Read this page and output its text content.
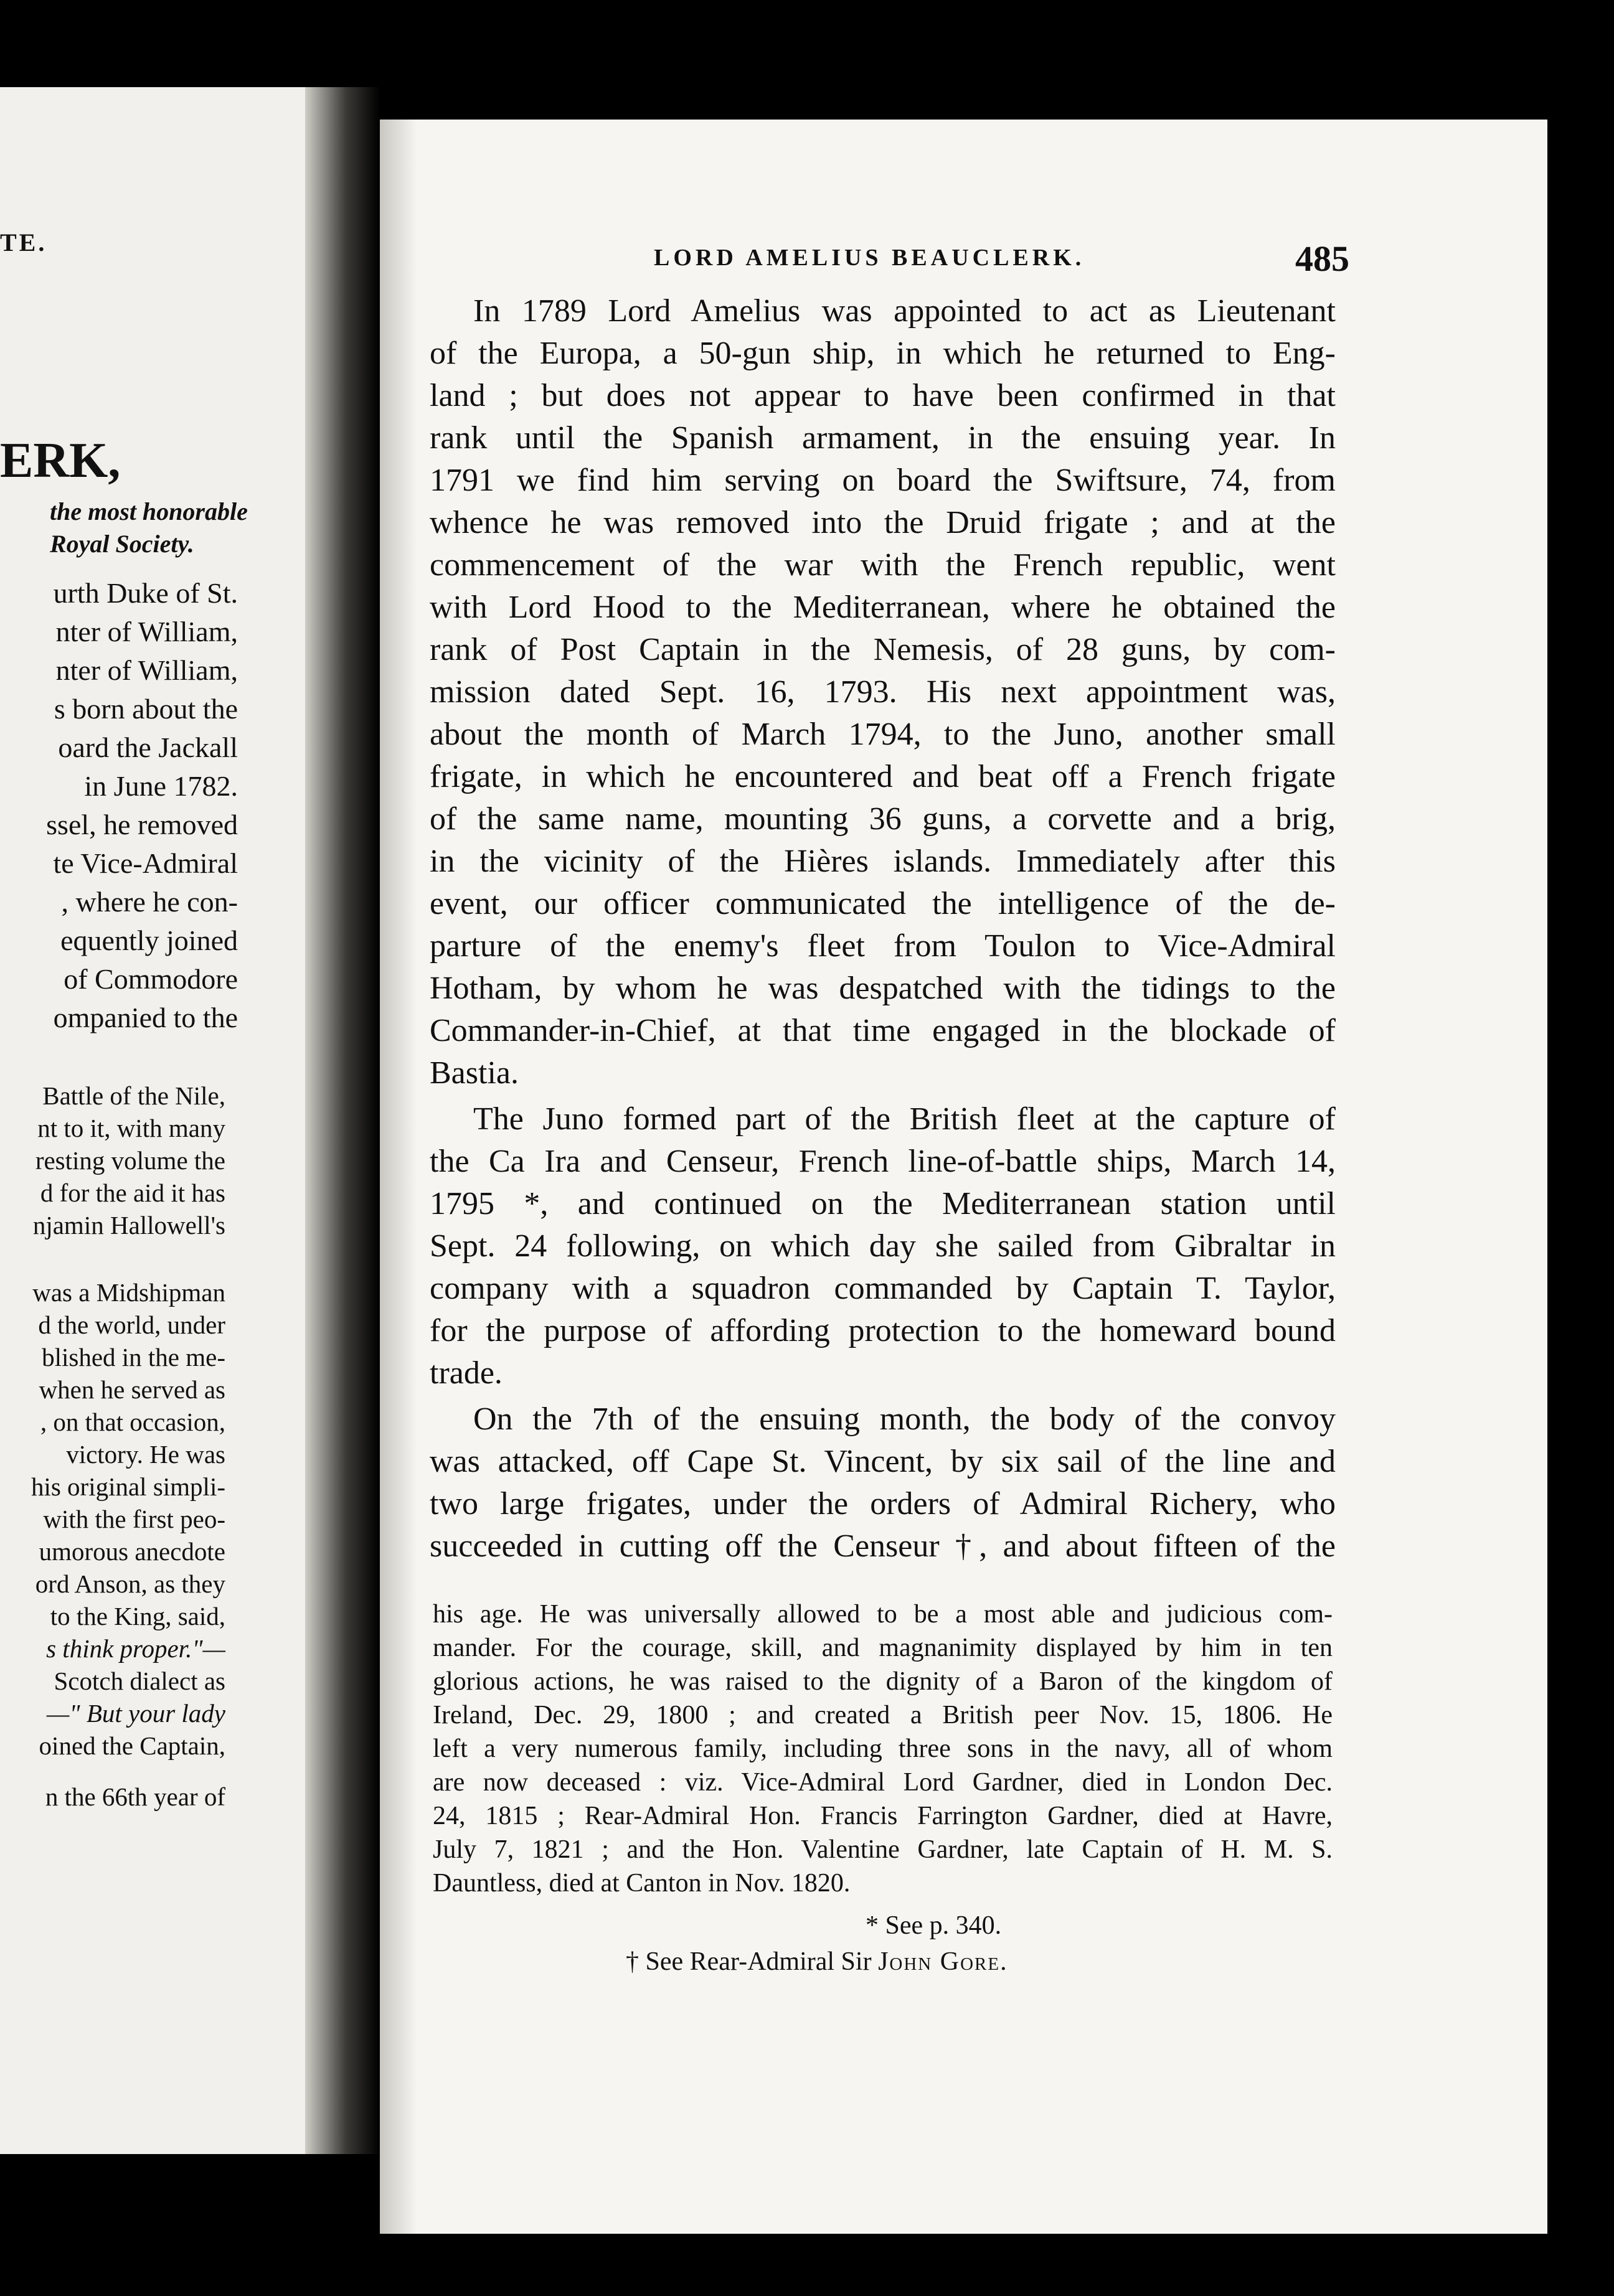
TE.
ERK,
the most honorable
Royal Society.
urth Duke of St.
nter of William,
nter of William,
s born about the
oard the Jackall
in June 1782.
ssel, he removed
te Vice-Admiral
, where he con-
equently joined
of Commodore
ompanied to the
Battle of the Nile,
nt to it, with many
resting volume the
d for the aid it has
njamin Hallowell's
was a Midshipman
d the world, under
blished in the me-
when he served as
, on that occasion,
victory. He was
his original simpli-
with the first peo-
umorous anecdote
ord Anson, as they
to the King, said,
s think proper."—
Scotch dialect as
—" But your lady
oined the Captain,
n the 66th year of
LORD AMELIUS BEAUCLERK.	485
In 1789 Lord Amelius was appointed to act as Lieutenant
of the Europa, a 50-gun ship, in which he returned to Eng-
land ; but does not appear to have been confirmed in that
rank until the Spanish armament, in the ensuing year. In
1791 we find him serving on board the Swiftsure, 74, from
whence he was removed into the Druid frigate ; and at the
commencement of the war with the French republic, went
with Lord Hood to the Mediterranean, where he obtained the
rank of Post Captain in the Nemesis, of 28 guns, by com-
mission dated Sept. 16, 1793. His next appointment was,
about the month of March 1794, to the Juno, another small
frigate, in which he encountered and beat off a French frigate
of the same name, mounting 36 guns, a corvette and a brig,
in the vicinity of the Hières islands. Immediately after this
event, our officer communicated the intelligence of the de-
parture of the enemy's fleet from Toulon to Vice-Admiral
Hotham, by whom he was despatched with the tidings to the
Commander-in-Chief, at that time engaged in the blockade of
Bastia.
The Juno formed part of the British fleet at the capture of
the Ca Ira and Censeur, French line-of-battle ships, March 14,
1795 *, and continued on the Mediterranean station until
Sept. 24 following, on which day she sailed from Gibraltar in
company with a squadron commanded by Captain T. Taylor,
for the purpose of affording protection to the homeward bound
trade.
On the 7th of the ensuing month, the body of the convoy
was attacked, off Cape St. Vincent, by six sail of the line and
two large frigates, under the orders of Admiral Richery, who
succeeded in cutting off the Censeur †, and about fifteen of the
his age. He was universally allowed to be a most able and judicious com-
mander. For the courage, skill, and magnanimity displayed by him in ten
glorious actions, he was raised to the dignity of a Baron of the kingdom of
Ireland, Dec. 29, 1800 ; and created a British peer Nov. 15, 1806. He
left a very numerous family, including three sons in the navy, all of whom
are now deceased : viz. Vice-Admiral Lord Gardner, died in London Dec.
24, 1815 ; Rear-Admiral Hon. Francis Farrington Gardner, died at Havre,
July 7, 1821 ; and the Hon. Valentine Gardner, late Captain of H. M. S.
Dauntless, died at Canton in Nov. 1820.
* See p. 340.
† See Rear-Admiral Sir John Gore.
